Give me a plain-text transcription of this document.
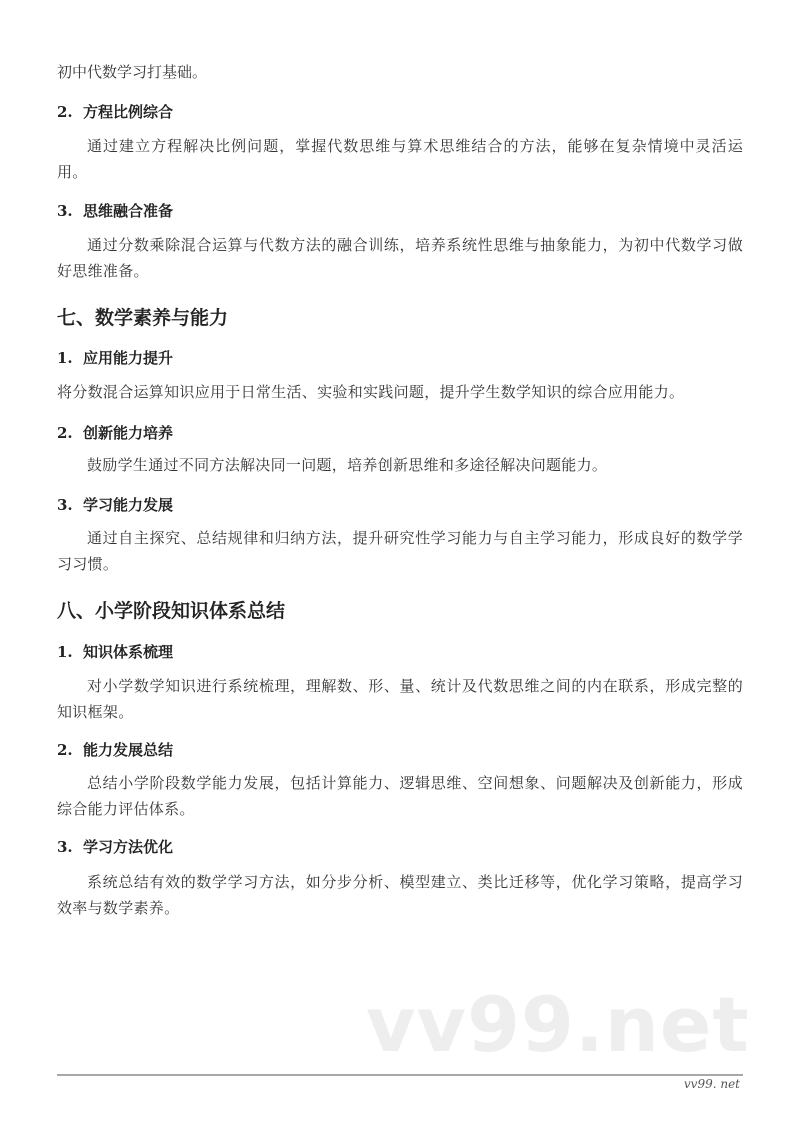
初中代数学习打基础。
2. 方程比例综合
通过建立方程解决比例问题，掌握代数思维与算术思维结合的方法，能够在复杂情境中灵活运用。
3. 思维融合准备
通过分数乘除混合运算与代数方法的融合训练，培养系统性思维与抽象能力，为初中代数学习做好思维准备。
七、数学素养与能力
1. 应用能力提升
将分数混合运算知识应用于日常生活、实验和实践问题，提升学生数学知识的综合应用能力。
2. 创新能力培养
鼓励学生通过不同方法解决同一问题，培养创新思维和多途径解决问题能力。
3. 学习能力发展
通过自主探究、总结规律和归纳方法，提升研究性学习能力与自主学习能力，形成良好的数学学习习惯。
八、小学阶段知识体系总结
1. 知识体系梳理
对小学数学知识进行系统梳理，理解数、形、量、统计及代数思维之间的内在联系，形成完整的知识框架。
2. 能力发展总结
总结小学阶段数学能力发展，包括计算能力、逻辑思维、空间想象、问题解决及创新能力，形成综合能力评估体系。
3. 学习方法优化
系统总结有效的数学学习方法，如分步分析、模型建立、类比迁移等，优化学习策略，提高学习效率与数学素养。
vv99.net
vv99. net
